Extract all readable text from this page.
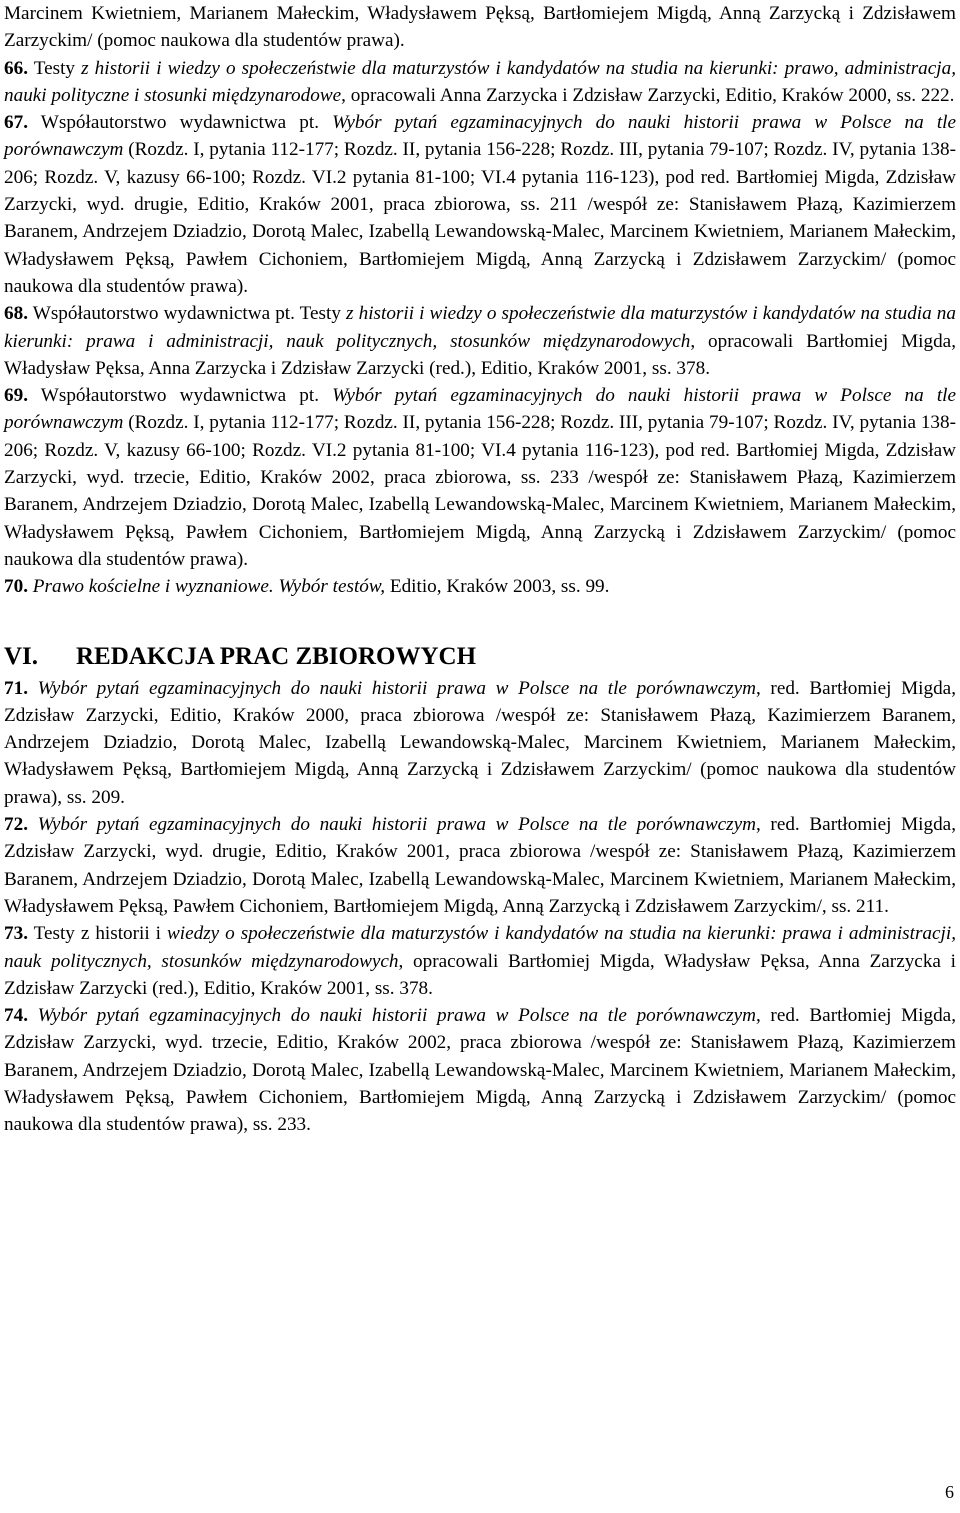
Marcinem Kwietniem, Marianem Małeckim, Władysławem Pęksą, Bartłomiejem Migdą, Anną Zarzycką i Zdzisławem Zarzyckim/ (pomoc naukowa dla studentów prawa).

66. Testy z historii i wiedzy o społeczeństwie dla maturzystów i kandydatów na studia na kierunki: prawo, administracja, nauki polityczne i stosunki międzynarodowe, opracowali Anna Zarzycka i Zdzisław Zarzycki, Editio, Kraków 2000, ss. 222.

67. Współautorstwo wydawnictwa pt. Wybór pytań egzaminacyjnych do nauki historii prawa w Polsce na tle porównawczym (Rozdz. I, pytania 112-177; Rozdz. II, pytania 156-228; Rozdz. III, pytania 79-107; Rozdz. IV, pytania 138-206; Rozdz. V, kazusy 66-100; Rozdz. VI.2 pytania 81-100; VI.4 pytania 116-123), pod red. Bartłomiej Migda, Zdzisław Zarzycki, wyd. drugie, Editio, Kraków 2001, praca zbiorowa, ss. 211 /wespół ze: Stanisławem Płazą, Kazimierzem Baranem, Andrzejem Dziadzio, Dorotą Malec, Izabellą Lewandowską-Malec, Marcinem Kwietniem, Marianem Małeckim, Władysławem Pęksą, Pawłem Cichoniem, Bartłomiejem Migdą, Anną Zarzycką i Zdzisławem Zarzyckim/ (pomoc naukowa dla studentów prawa).

68. Współautorstwo wydawnictwa pt. Testy z historii i wiedzy o społeczeństwie dla maturzystów i kandydatów na studia na kierunki: prawa i administracji, nauk politycznych, stosunków międzynarodowych, opracowali Bartłomiej Migda, Władysław Pęksa, Anna Zarzycka i Zdzisław Zarzycki (red.), Editio, Kraków 2001, ss. 378.

69. Współautorstwo wydawnictwa pt. Wybór pytań egzaminacyjnych do nauki historii prawa w Polsce na tle porównawczym (Rozdz. I, pytania 112-177; Rozdz. II, pytania 156-228; Rozdz. III, pytania 79-107; Rozdz. IV, pytania 138-206; Rozdz. V, kazusy 66-100; Rozdz. VI.2 pytania 81-100; VI.4 pytania 116-123), pod red. Bartłomiej Migda, Zdzisław Zarzycki, wyd. trzecie, Editio, Kraków 2002, praca zbiorowa, ss. 233 /wespół ze: Stanisławem Płazą, Kazimierzem Baranem, Andrzejem Dziadzio, Dorotą Malec, Izabellą Lewandowską-Malec, Marcinem Kwietniem, Marianem Małeckim, Władysławem Pęksą, Pawłem Cichoniem, Bartłomiejem Migdą, Anną Zarzycką i Zdzisławem Zarzyckim/ (pomoc naukowa dla studentów prawa).

70. Prawo kościelne i wyznaniowe. Wybór testów, Editio, Kraków 2003, ss. 99.

VI. REDAKCJA PRAC ZBIOROWYCH

71. Wybór pytań egzaminacyjnych do nauki historii prawa w Polsce na tle porównawczym, red. Bartłomiej Migda, Zdzisław Zarzycki, Editio, Kraków 2000, praca zbiorowa /wespół ze: Stanisławem Płazą, Kazimierzem Baranem, Andrzejem Dziadzio, Dorotą Malec, Izabellą Lewandowską-Malec, Marcinem Kwietniem, Marianem Małeckim, Władysławem Pęksą, Bartłomiejem Migdą, Anną Zarzycką i Zdzisławem Zarzyckim/ (pomoc naukowa dla studentów prawa), ss. 209.

72. Wybór pytań egzaminacyjnych do nauki historii prawa w Polsce na tle porównawczym, red. Bartłomiej Migda, Zdzisław Zarzycki, wyd. drugie, Editio, Kraków 2001, praca zbiorowa /wespół ze: Stanisławem Płazą, Kazimierzem Baranem, Andrzejem Dziadzio, Dorotą Malec, Izabellą Lewandowską-Malec, Marcinem Kwietniem, Marianem Małeckim, Władysławem Pęksą, Pawłem Cichoniem, Bartłomiejem Migdą, Anną Zarzycką i Zdzisławem Zarzyckim/, ss. 211.

73. Testy z historii i wiedzy o społeczeństwie dla maturzystów i kandydatów na studia na kierunki: prawa i administracji, nauk politycznych, stosunków międzynarodowych, opracowali Bartłomiej Migda, Władysław Pęksa, Anna Zarzycka i Zdzisław Zarzycki (red.), Editio, Kraków 2001, ss. 378.

74. Wybór pytań egzaminacyjnych do nauki historii prawa w Polsce na tle porównawczym, red. Bartłomiej Migda, Zdzisław Zarzycki, wyd. trzecie, Editio, Kraków 2002, praca zbiorowa /wespół ze: Stanisławem Płazą, Kazimierzem Baranem, Andrzejem Dziadzio, Dorotą Malec, Izabellą Lewandowską-Malec, Marcinem Kwietniem, Marianem Małeckim, Władysławem Pęksą, Pawłem Cichoniem, Bartłomiejem Migdą, Anną Zarzycką i Zdzisławem Zarzyckim/ (pomoc naukowa dla studentów prawa), ss. 233.

6
